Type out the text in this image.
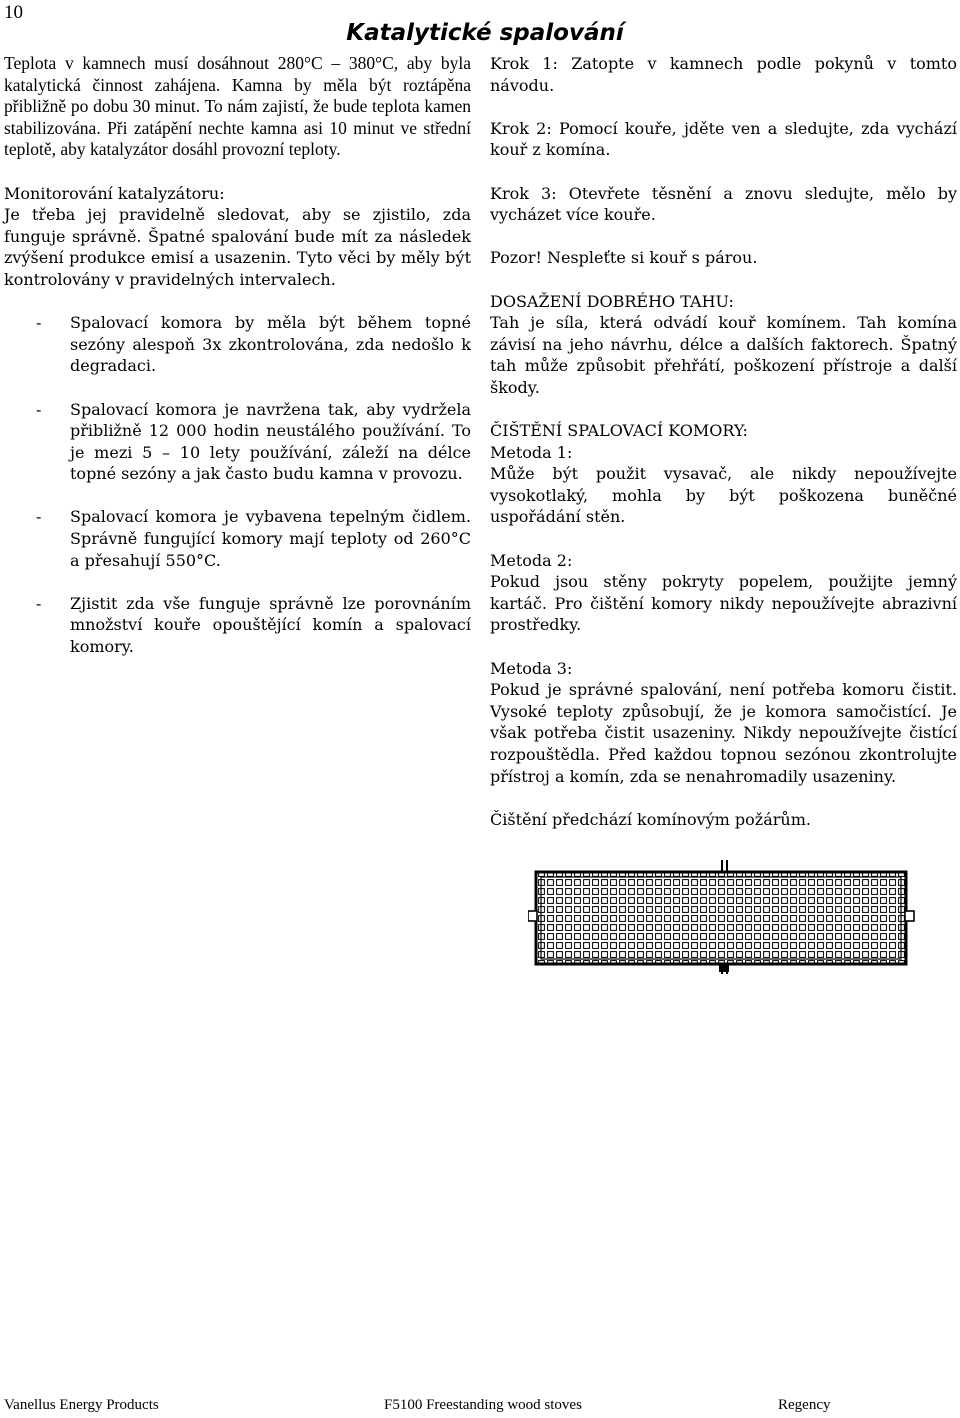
10
Katalytické spalování

Teplota v kamnech musí dosáhnout 280°C – 380°C, aby byla katalytická činnost zahájena. Kamna by měla být roztápěna přibližně po dobu 30 minut. To nám zajistí, že bude teplota kamen stabilizována. Při zatápění nechte kamna asi 10 minut ve střední teplotě, aby katalyzátor dosáhl provozní teploty.

Monitorování katalyzátoru:

Je třeba jej pravidelně sledovat, aby se zjistilo, zda funguje správně. Špatné spalování bude mít za následek zvýšení produkce emisí a usazenin. Tyto věci by měly být kontrolovány v pravidelných intervalech.

- Spalovací komora by měla být během topné sezóny alespoň 3x zkontrolována, zda nedošlo k degradaci.
- Spalovací komora je navržena tak, aby vydržela přibližně 12 000 hodin neustálého používání. To je mezi 5 – 10 lety používání, záleží na délce topné sezóny a jak často budu kamna v provozu.
- Spalovací komora je vybavena tepelným čidlem. Správně fungující komory mají teploty od 260°C a přesahují 550°C.
- Zjistit zda vše funguje správně lze porovnáním množství kouře opouštějící komín a spalovací komory.

Krok 1: Zatopte v kamnech podle pokynů v tomto návodu.

Krok 2: Pomocí kouře, jděte ven a sledujte, zda vychází kouř z komína.

Krok 3: Otevřete těsnění a znovu sledujte, mělo by vycházet více kouře.

Pozor! Nespleťte si kouř s párou.

DOSAŽENÍ DOBRÉHO TAHU:

Tah je síla, která odvádí kouř komínem. Tah komína závisí na jeho návrhu, délce a dalších faktorech. Špatný tah může způsobit přehřátí, poškození přístroje a další škody.

ČIŠTĚNÍ SPALOVACÍ KOMORY:

Metoda 1:

Může být použit vysavač, ale nikdy nepoužívejte vysokotlaký, mohla by být poškozena buněčné uspořádání stěn.

Metoda 2:

Pokud jsou stěny pokryty popelem, použijte jemný kartáč. Pro čištění komory nikdy nepoužívejte abrazivní prostředky.

Metoda 3:

Pokud je správné spalování, není potřeba komoru čistit. Vysoké teploty způsobují, že je komora samočistící. Je však potřeba čistit usazeniny. Nikdy nepoužívejte čistící rozpouštědla. Před každou topnou sezónou zkontrolujte přístroj a komín, zda se nenahromadily usazeniny.

Čištění předchází komínovým požárům.

Vanellus Energy Products	F5100 Freestanding wood stoves	Regency
